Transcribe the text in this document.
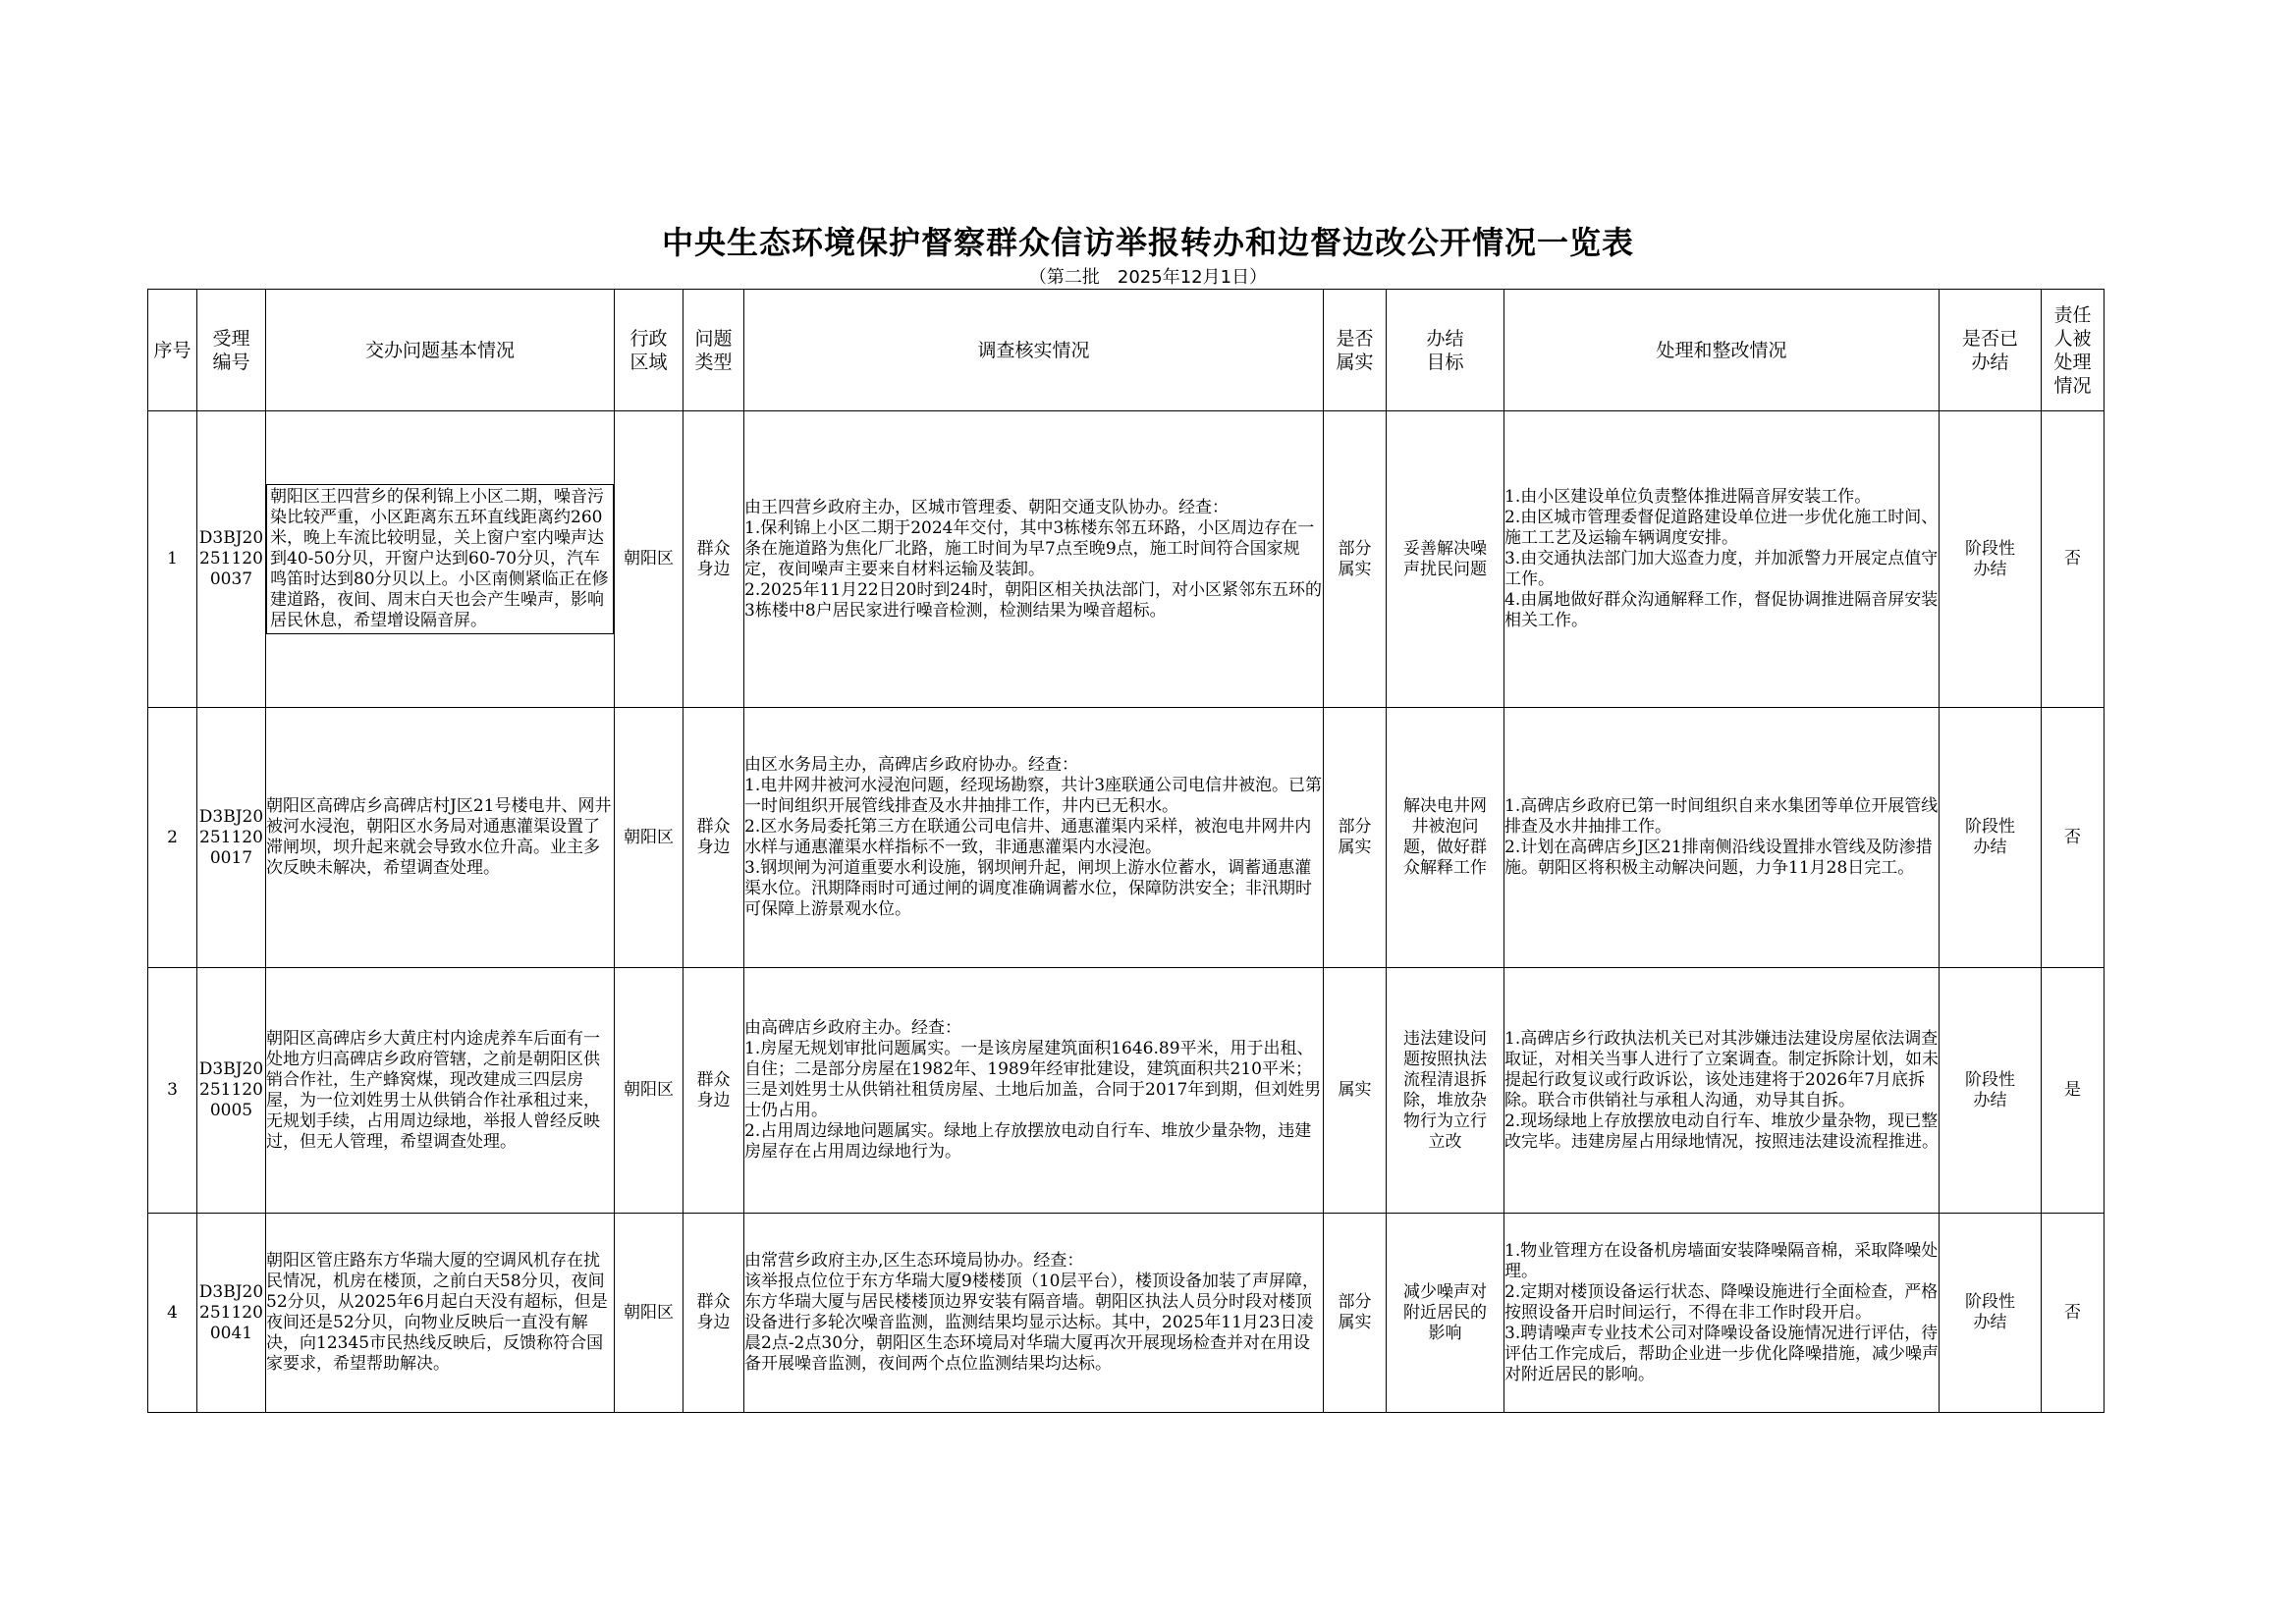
中央生态环境保护督察群众信访举报转办和边督边改公开情况一览表
（第二批　2025年12月1日）
序号	受理编号	交办问题基本情况	行政区域	问题类型	调查核实情况	是否属实	办结目标	处理和整改情况	是否已办结	责任人被处理情况

1	D3BJ202511200037	朝阳区王四营乡的保利锦上小区二期，噪音污染比较严重，小区距离东五环直线距离约260米，晚上车流比较明显，关上窗户室内噪声达到40-50分贝，开窗户达到60-70分贝，汽车鸣笛时达到80分贝以上。小区南侧紧临正在修建道路，夜间、周末白天也会产生噪声，影响居民休息，希望增设隔音屏。	朝阳区	群众身边	由王四营乡政府主办，区城市管理委、朝阳交通支队协办。经查：
1.保利锦上小区二期于2024年交付，其中3栋楼东邻五环路，小区周边存在一条在施道路为焦化厂北路，施工时间为早7点至晚9点，施工时间符合国家规定，夜间噪声主要来自材料运输及装卸。
2.2025年11月22日20时到24时，朝阳区相关执法部门，对小区紧邻东五环的3栋楼中8户居民家进行噪音检测，检测结果为噪音超标。	部分属实	妥善解决噪声扰民问题	1.由小区建设单位负责整体推进隔音屏安装工作。
2.由区城市管理委督促道路建设单位进一步优化施工时间、施工工艺及运输车辆调度安排。
3.由交通执法部门加大巡查力度，并加派警力开展定点值守工作。
4.由属地做好群众沟通解释工作，督促协调推进隔音屏安装相关工作。	阶段性办结	否
2	D3BJ202511200017	朝阳区高碑店乡高碑店村J区21号楼电井、网井被河水浸泡，朝阳区水务局对通惠灌渠设置了滞闸坝，坝升起来就会导致水位升高。业主多次反映未解决，希望调查处理。	朝阳区	群众身边	由区水务局主办，高碑店乡政府协办。经查：
1.电井网井被河水浸泡问题，经现场勘察，共计3座联通公司电信井被泡。已第一时间组织开展管线排查及水井抽排工作，井内已无积水。
2.区水务局委托第三方在联通公司电信井、通惠灌渠内采样，被泡电井网井内水样与通惠灌渠水样指标不一致，非通惠灌渠内水浸泡。
3.钢坝闸为河道重要水利设施，钢坝闸升起，闸坝上游水位蓄水，调蓄通惠灌渠水位。汛期降雨时可通过闸的调度准确调蓄水位，保障防洪安全；非汛期时可保障上游景观水位。	部分属实	解决电井网井被泡问题，做好群众解释工作	1.高碑店乡政府已第一时间组织自来水集团等单位开展管线排查及水井抽排工作。
2.计划在高碑店乡J区21排南侧沿线设置排水管线及防渗措施。朝阳区将积极主动解决问题，力争11月28日完工。	阶段性办结	否
3	D3BJ202511200005	朝阳区高碑店乡大黄庄村内途虎养车后面有一处地方归高碑店乡政府管辖，之前是朝阳区供销合作社，生产蜂窝煤，现改建成三四层房屋，为一位刘姓男士从供销合作社承租过来，无规划手续，占用周边绿地，举报人曾经反映过，但无人管理，希望调查处理。	朝阳区	群众身边	由高碑店乡政府主办。经查：
1.房屋无规划审批问题属实。一是该房屋建筑面积1646.89平米，用于出租、自住；二是部分房屋在1982年、1989年经审批建设，建筑面积共210平米；三是刘姓男士从供销社租赁房屋、土地后加盖，合同于2017年到期，但刘姓男士仍占用。
2.占用周边绿地问题属实。绿地上存放摆放电动自行车、堆放少量杂物，违建房屋存在占用周边绿地行为。	属实	违法建设问题按照执法流程清退拆除，堆放杂物行为立行立改	1.高碑店乡行政执法机关已对其涉嫌违法建设房屋依法调查取证，对相关当事人进行了立案调查。制定拆除计划，如未提起行政复议或行政诉讼，该处违建将于2026年7月底拆除。联合市供销社与承租人沟通，劝导其自拆。
2.现场绿地上存放摆放电动自行车、堆放少量杂物，现已整改完毕。违建房屋占用绿地情况，按照违法建设流程推进。	阶段性办结	是
4	D3BJ202511200041	朝阳区管庄路东方华瑞大厦的空调风机存在扰民情况，机房在楼顶，之前白天58分贝，夜间52分贝，从2025年6月起白天没有超标，但是夜间还是52分贝，向物业反映后一直没有解决，向12345市民热线反映后，反馈称符合国家要求，希望帮助解决。	朝阳区	群众身边	由常营乡政府主办,区生态环境局协办。经查：
该举报点位位于东方华瑞大厦9楼楼顶（10层平台），楼顶设备加装了声屏障，东方华瑞大厦与居民楼楼顶边界安装有隔音墙。朝阳区执法人员分时段对楼顶设备进行多轮次噪音监测，监测结果均显示达标。其中，2025年11月23日凌晨2点-2点30分，朝阳区生态环境局对华瑞大厦再次开展现场检查并对在用设备开展噪音监测，夜间两个点位监测结果均达标。	部分属实	减少噪声对附近居民的影响	1.物业管理方在设备机房墙面安装降噪隔音棉，采取降噪处理。
2.定期对楼顶设备运行状态、降噪设施进行全面检查，严格按照设备开启时间运行，不得在非工作时段开启。
3.聘请噪声专业技术公司对降噪设备设施情况进行评估，待评估工作完成后，帮助企业进一步优化降噪措施，减少噪声对附近居民的影响。	阶段性办结	否
